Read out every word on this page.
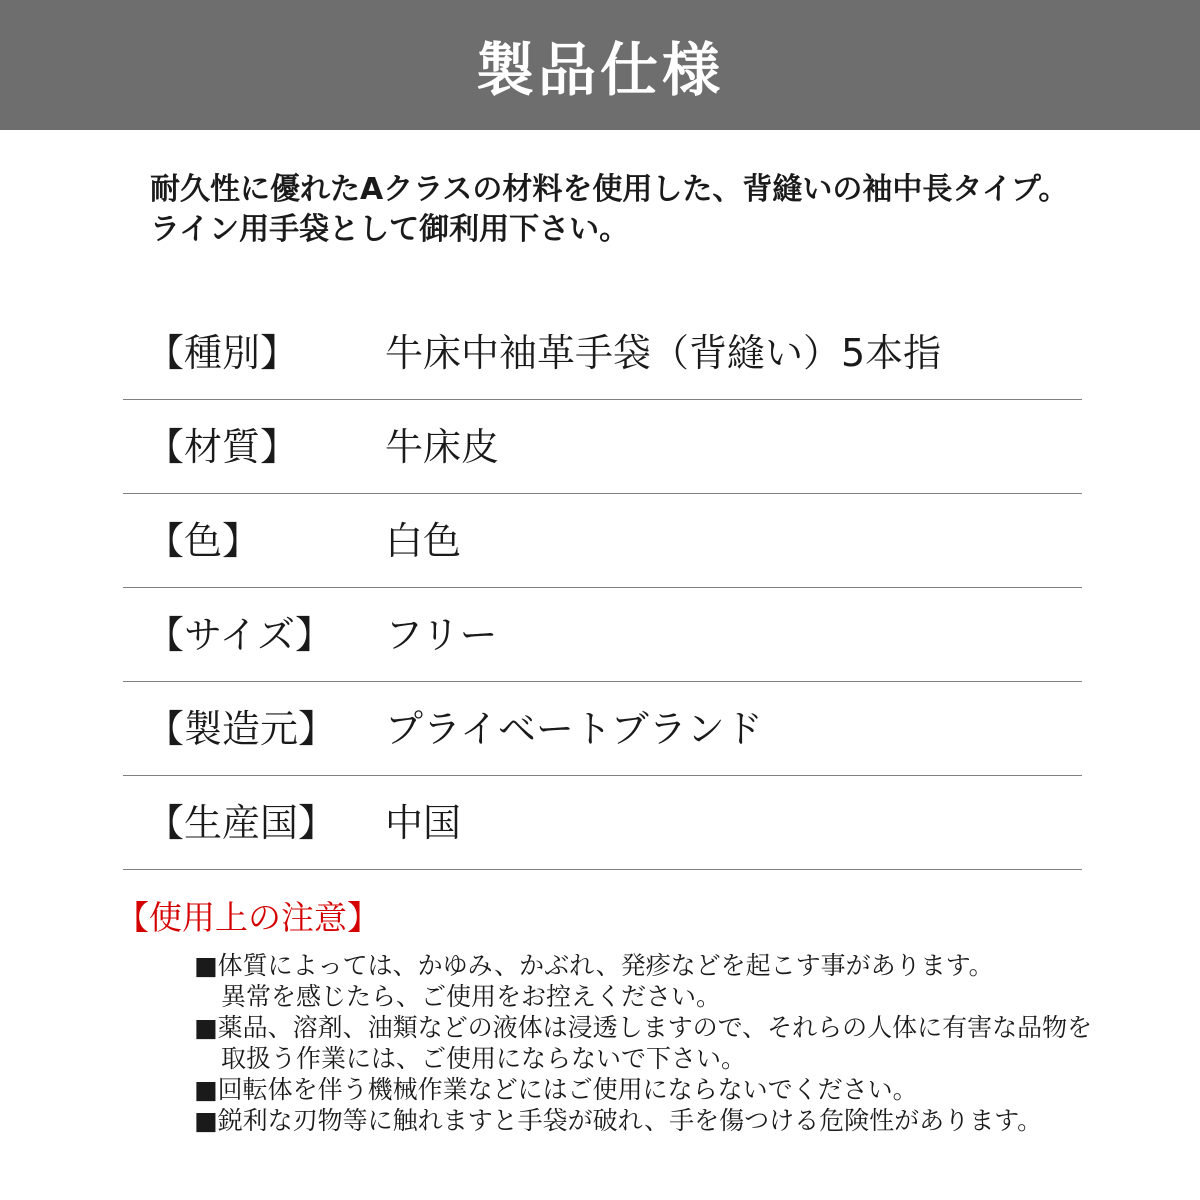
製品仕様
耐久性に優れたAクラスの材料を使用した、背縫いの袖中長タイプ。
ライン用手袋として御利用下さい。
【種別】 牛床中袖革手袋（背縫い）5本指
【材質】 牛床皮
【色】	白色
【サイズ】 フリー
【製造元】 プライベートブランド
【生産国】 中国
【使用上の注意】
■体質によっては、かゆみ、かぶれ、発疹などを起こす事があります。
異常を感じたら、ご使用をお控えください。
■薬品、溶剤、油類などの液体は浸透しますので、それらの人体に有害な品物を
取扱う作業には、ご使用にならないで下さい。
■回転体を伴う機械作業などにはご使用にならないでください。
■鋭利な刃物等に触れますと手袋が破れ、手を傷つける危険性があります。
